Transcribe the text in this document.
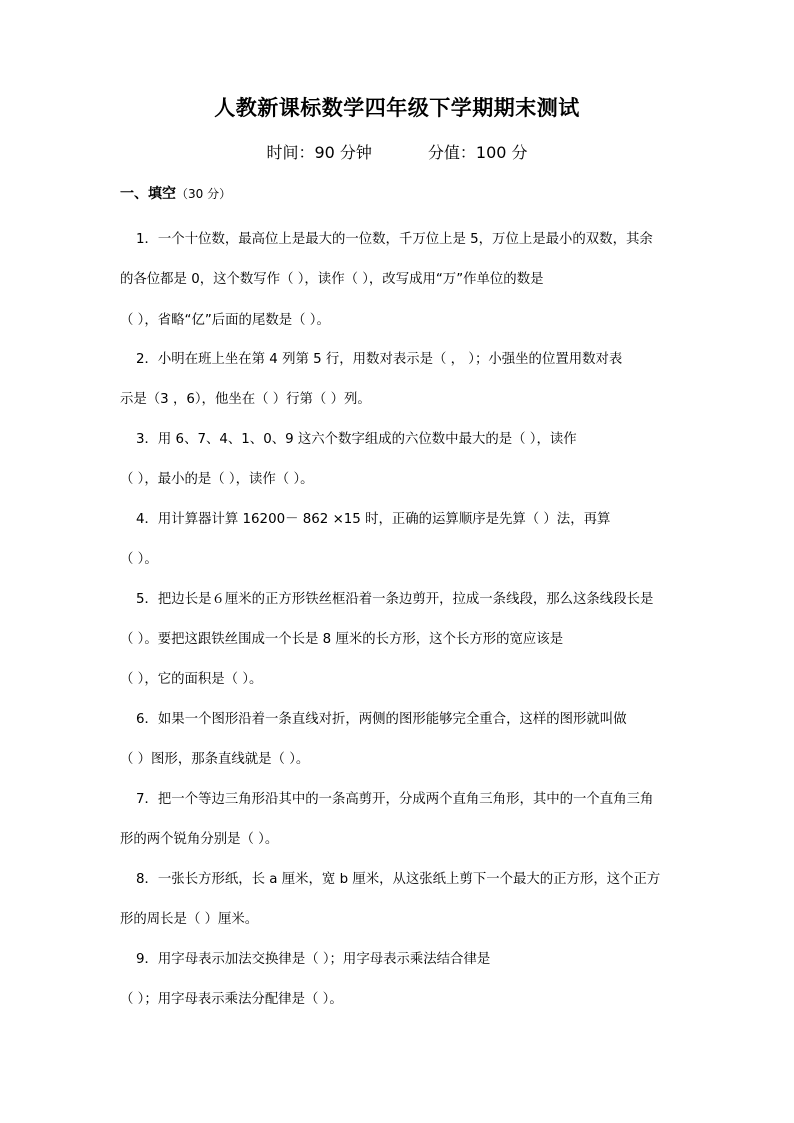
人教新课标数学四年级下学期期末测试
时间：90 分钟	分值：100 分
一、填空（30 分）
1．一个十位数，最高位上是最大的一位数，千万位上是 5，万位上是最小的双数，其余
的各位都是 0，这个数写作（ ），读作（ ），改写成用“万”作单位的数是
（ ），省略“亿”后面的尾数是（ ）。
2．小明在班上坐在第 4 列第 5 行，用数对表示是（ ， ）；小强坐的位置用数对表
示是（3 ，6），他坐在（ ）行第（ ）列。
3．用 6、7、4、1、0、9 这六个数字组成的六位数中最大的是（ ），读作
（ ），最小的是（ ），读作（ ）。
4．用计算器计算 16200－ 862 ×15 时，正确的运算顺序是先算（ ）法，再算
（ ）。
5．把边长是６厘米的正方形铁丝框沿着一条边剪开，拉成一条线段，那么这条线段长是
（ ）。要把这跟铁丝围成一个长是 8 厘米的长方形，这个长方形的宽应该是
（ ），它的面积是（ ）。
6．如果一个图形沿着一条直线对折，两侧的图形能够完全重合，这样的图形就叫做
（ ）图形，那条直线就是（ ）。
7．把一个等边三角形沿其中的一条高剪开，分成两个直角三角形，其中的一个直角三角
形的两个锐角分别是（ ）。
8．一张长方形纸，长 a 厘米，宽 b 厘米，从这张纸上剪下一个最大的正方形，这个正方
形的周长是（ ）厘米。
9．用字母表示加法交换律是（ ）；用字母表示乘法结合律是
（ ）；用字母表示乘法分配律是（ ）。
